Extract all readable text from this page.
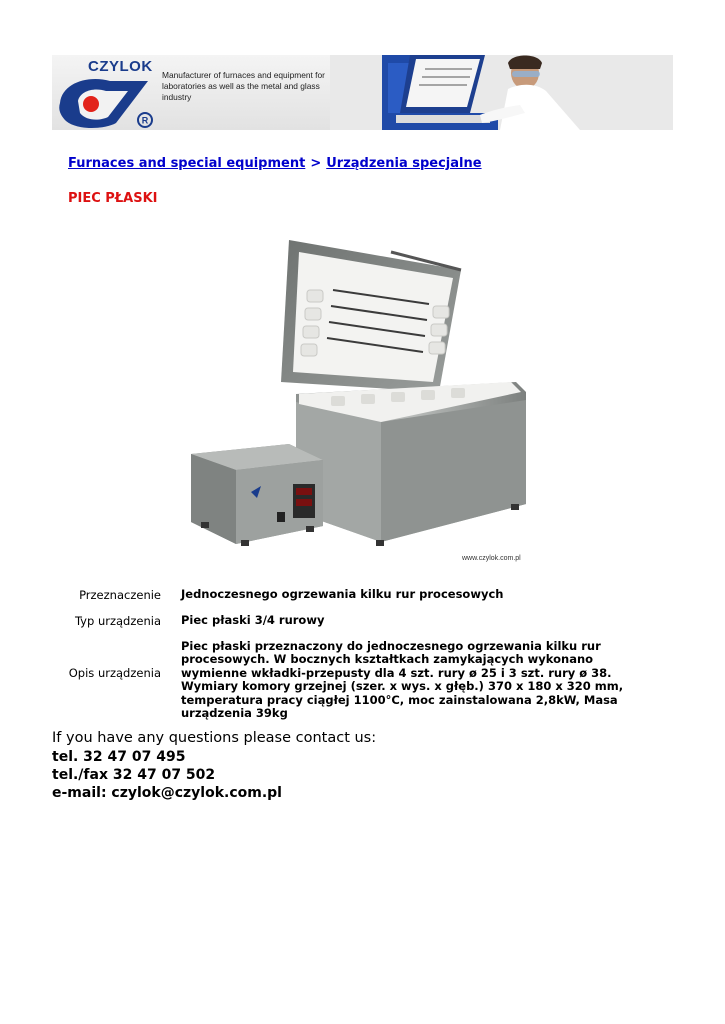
CZYLOK
R
Manufacturer of furnaces and equipment for laboratories as well as the metal and glass industry
Furnaces and special equipment > Urządzenia specjalne
PIEC PŁASKI
www.czylok.com.pl
Przeznaczenie Jednoczesnego ogrzewania kilku rur procesowych
Typ urządzenia Piec płaski 3/4 rurowy
Opis urządzenia
Piec płaski przeznaczony do jednoczesnego ogrzewania kilku rur procesowych. W bocznych kształtkach zamykających wykonano wymienne wkładki-przepusty dla 4 szt. rury ø 25 i 3 szt. rury ø 38. Wymiary komory grzejnej (szer. x wys. x głęb.) 370 x 180 x 320 mm, temperatura pracy ciągłej 1100°C, moc zainstalowana 2,8kW, Masa urządzenia 39kg
If you have any questions please contact us:
tel. 32 47 07 495
tel./fax 32 47 07 502
e-mail: czylok@czylok.com.pl
